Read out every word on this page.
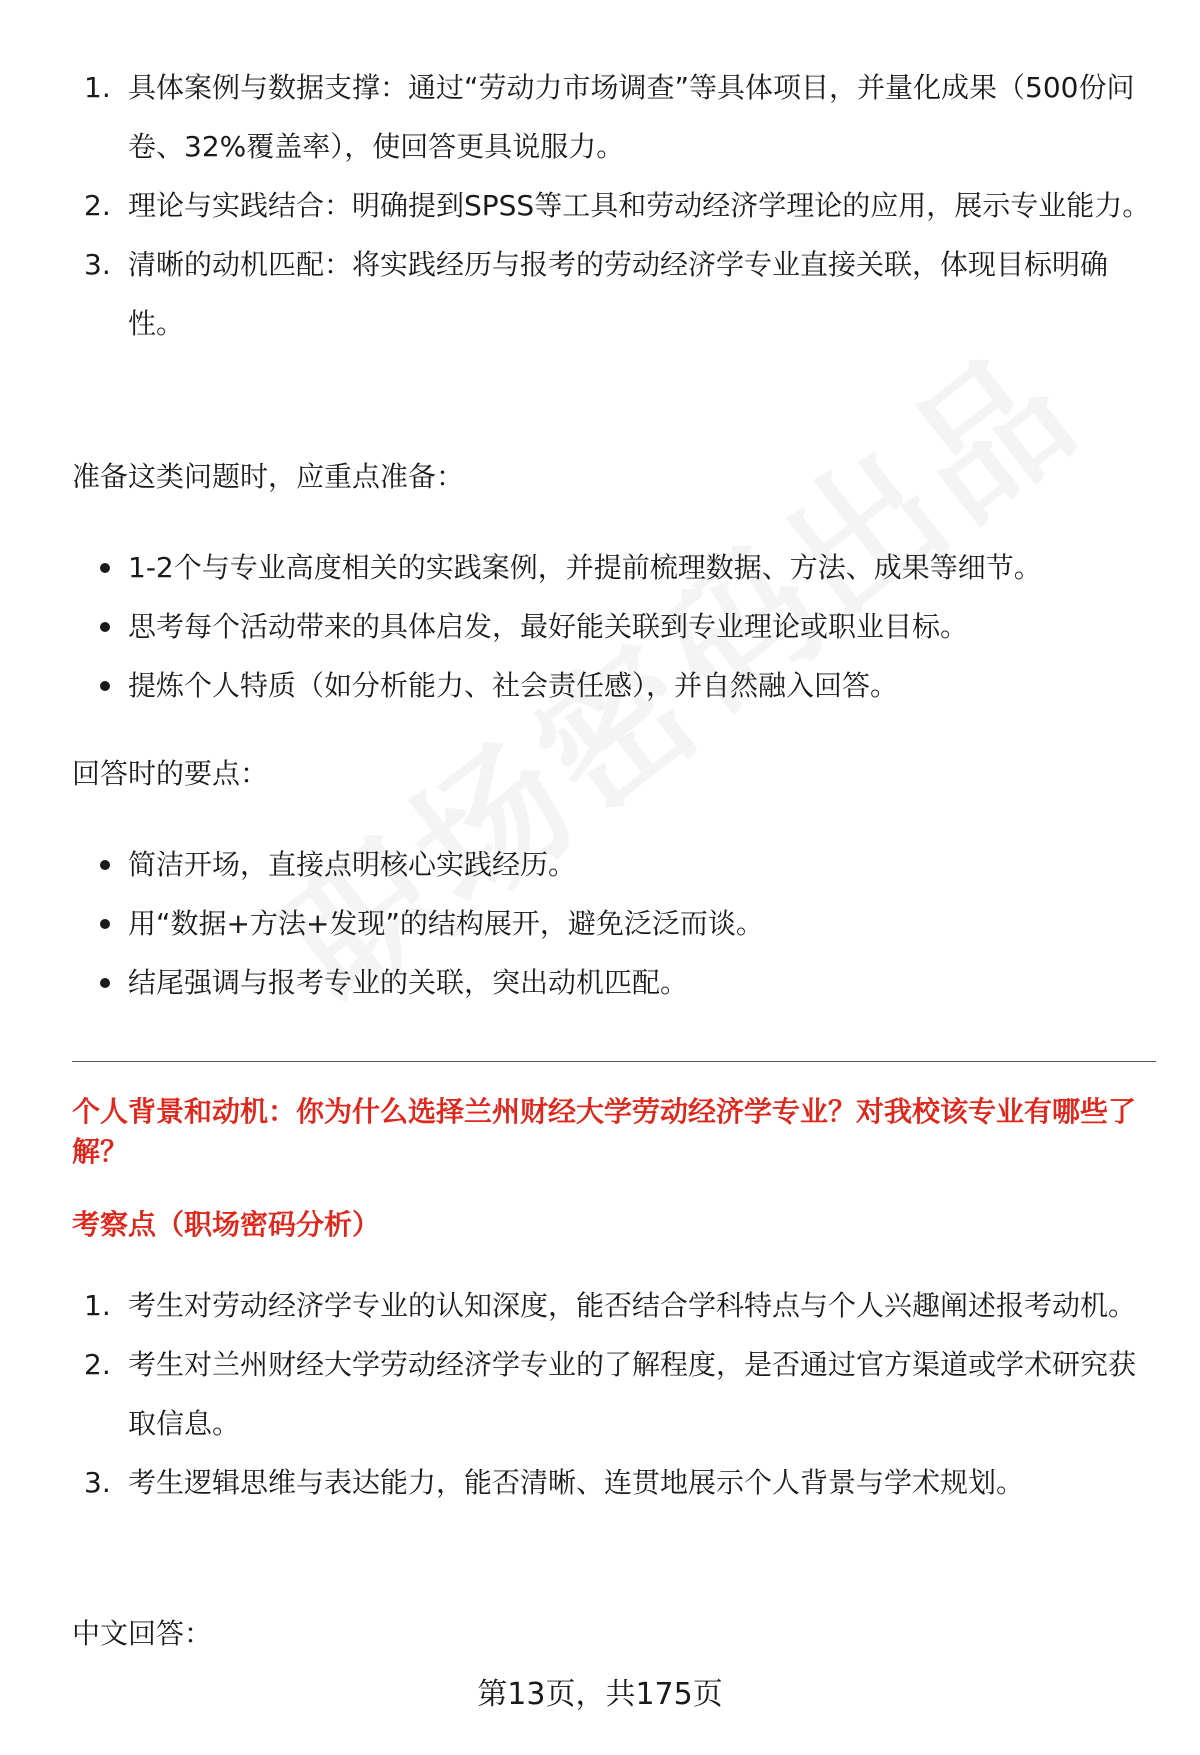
1. 具体案例与数据支撑：通过“劳动力市场调查”等具体项目，并量化成果（500份问卷、32%覆盖率），使回答更具说服力。
2. 理论与实践结合：明确提到SPSS等工具和劳动经济学理论的应用，展示专业能力。
3. 清晰的动机匹配：将实践经历与报考的劳动经济学专业直接关联，体现目标明确性。

准备这类问题时，应重点准备：

1-2个与专业高度相关的实践案例，并提前梳理数据、方法、成果等细节。
思考每个活动带来的具体启发，最好能关联到专业理论或职业目标。
提炼个人特质（如分析能力、社会责任感），并自然融入回答。

回答时的要点：

简洁开场，直接点明核心实践经历。
用“数据+方法+发现”的结构展开，避免泛泛而谈。
结尾强调与报考专业的关联，突出动机匹配。

个人背景和动机：你为什么选择兰州财经大学劳动经济学专业？对我校该专业有哪些了解？

考察点（职场密码分析）

1. 考生对劳动经济学专业的认知深度，能否结合学科特点与个人兴趣阐述报考动机。
2. 考生对兰州财经大学劳动经济学专业的了解程度，是否通过官方渠道或学术研究获取信息。
3. 考生逻辑思维与表达能力，能否清晰、连贯地展示个人背景与学术规划。

中文回答：

第13页，共175页
